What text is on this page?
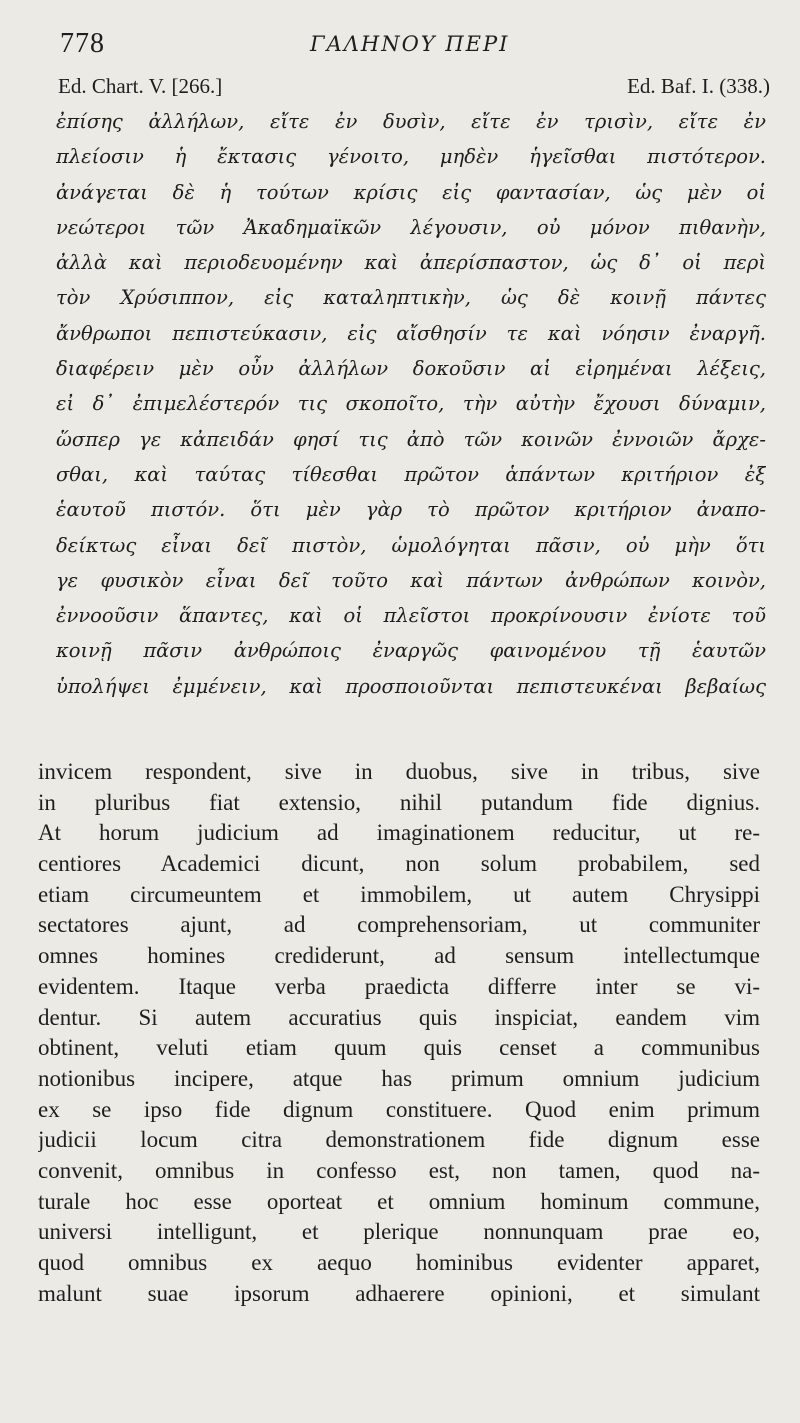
778	ΓΑΛΗΝΟΥ ΠΕΡΙ
Ed. Chart. V. [266.]	Ed. Baf. I. (338.)
ἐπίσης ἀλλήλων, εἴτε ἐν δυσὶν, εἴτε ἐν τρισὶν, εἴτε ἐν
πλείοσιν ἡ ἔκτασις γένοιτο, μηδὲν ἡγεῖσθαι πιστότερον.
ἀνάγεται δὲ ἡ τούτων κρίσις εἰς φαντασίαν, ὡς μὲν οἱ
νεώτεροι τῶν Ἀκαδημαϊκῶν λέγουσιν, οὐ μόνον πιθανὴν,
ἀλλὰ καὶ περιοδευομένην καὶ ἀπερίσπαστον, ὡς δ᾽ οἱ περὶ
τὸν Χρύσιππον, εἰς καταληπτικὴν, ὡς δὲ κοινῇ πάντες
ἄνθρωποι πεπιστεύκασιν, εἰς αἴσθησίν τε καὶ νόησιν ἐναργῆ.
διαφέρειν μὲν οὖν ἀλλήλων δοκοῦσιν αἱ εἰρημέναι λέξεις,
εἰ δ᾽ ἐπιμελέστερόν τις σκοποῖτο, τὴν αὐτὴν ἔχουσι δύναμιν,
ὥσπερ γε κἀπειδάν φησί τις ἀπὸ τῶν κοινῶν ἐννοιῶν ἄρχε-
σθαι, καὶ ταύτας τίθεσθαι πρῶτον ἁπάντων κριτήριον ἐξ
ἑαυτοῦ πιστόν. ὅτι μὲν γὰρ τὸ πρῶτον κριτήριον ἀναπο-
δείκτως εἶναι δεῖ πιστὸν, ὡμολόγηται πᾶσιν, οὐ μὴν ὅτι
γε φυσικὸν εἶναι δεῖ τοῦτο καὶ πάντων ἀνθρώπων κοινὸν,
ἐννοοῦσιν ἅπαντες, καὶ οἱ πλεῖστοι προκρίνουσιν ἐνίοτε τοῦ
κοινῇ πᾶσιν ἀνθρώποις ἐναργῶς φαινομένου τῇ ἑαυτῶν
ὑπολήψει ἐμμένειν, καὶ προσποιοῦνται πεπιστευκέναι βεβαίως
invicem respondent, sive in duobus, sive in tribus, sive
in pluribus fiat extensio, nihil putandum fide dignius.
At horum judicium ad imaginationem reducitur, ut re-
centiores Academici dicunt, non solum probabilem, sed
etiam circumeuntem et immobilem, ut autem Chrysippi
sectatores ajunt, ad comprehensoriam, ut communiter
omnes homines crediderunt, ad sensum intellectumque
evidentem. Itaque verba praedicta differre inter se vi-
dentur. Si autem accuratius quis inspiciat, eandem vim
obtinent, veluti etiam quum quis censet a communibus
notionibus incipere, atque has primum omnium judicium
ex se ipso fide dignum constituere. Quod enim primum
judicii locum citra demonstrationem fide dignum esse
convenit, omnibus in confesso est, non tamen, quod na-
turale hoc esse oporteat et omnium hominum commune,
universi intelligunt, et plerique nonnunquam prae eo,
quod omnibus ex aequo hominibus evidenter apparet,
malunt suae ipsorum adhaerere opinioni, et simulant
